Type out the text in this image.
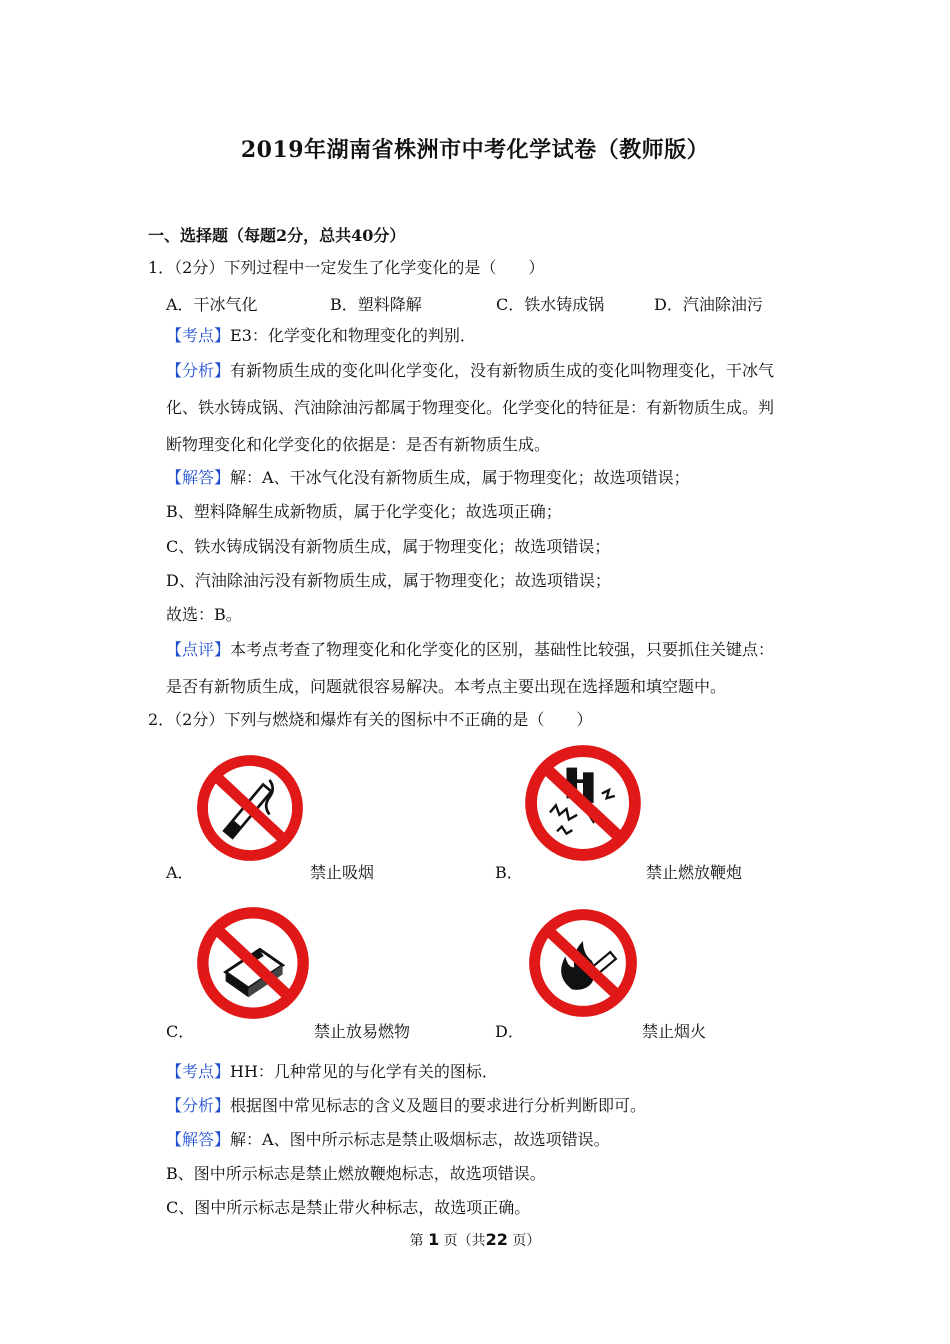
2019年湖南省株洲市中考化学试卷（教师版）
一、选择题（每题2分，总共40分）
1．（2分）下列过程中一定发生了化学变化的是（　　）
A．干冰气化	B．塑料降解	C．铁水铸成锅	D．汽油除油污
【考点】E3：化学变化和物理变化的判别．
【分析】有新物质生成的变化叫化学变化，没有新物质生成的变化叫物理变化，干冰气
化、铁水铸成锅、汽油除油污都属于物理变化。化学变化的特征是：有新物质生成。判
断物理变化和化学变化的依据是：是否有新物质生成。
【解答】解：A、干冰气化没有新物质生成，属于物理变化；故选项错误；
B、塑料降解生成新物质，属于化学变化；故选项正确；
C、铁水铸成锅没有新物质生成，属于物理变化；故选项错误；
D、汽油除油污没有新物质生成，属于物理变化；故选项错误；
故选：B。
【点评】本考点考查了物理变化和化学变化的区别，基础性比较强，只要抓住关键点：
是否有新物质生成，问题就很容易解决。本考点主要出现在选择题和填空题中。
2．（2分）下列与燃烧和爆炸有关的图标中不正确的是（　　）
A．	禁止吸烟	B．	禁止燃放鞭炮
C．	禁止放易燃物	D．	禁止烟火
【考点】HH：几种常见的与化学有关的图标．
【分析】根据图中常见标志的含义及题目的要求进行分析判断即可。
【解答】解：A、图中所示标志是禁止吸烟标志，故选项错误。
B、图中所示标志是禁止燃放鞭炮标志，故选项错误。
C、图中所示标志是禁止带火种标志，故选项正确。
第 1 页（共22 页）
